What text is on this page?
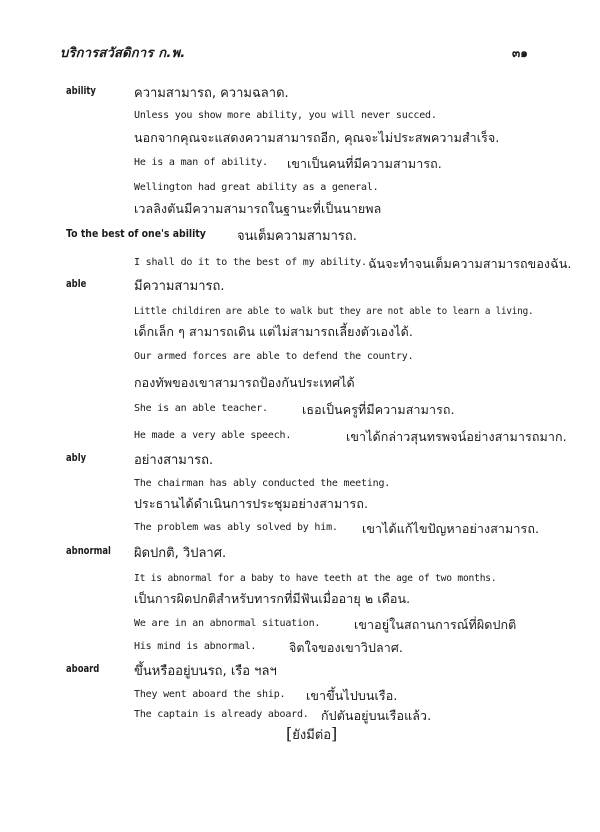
บริการสวัสดิการ ก.พ.	๓๑
ability	ความสามารถ, ความฉลาด.
Unless you show more ability, you will never succed.
นอกจากคุณจะแสดงความสามารถอีก, คุณจะไม่ประสพความสำเร็จ.
He is a man of ability. เขาเป็นคนที่มีความสามารถ.
Wellington had great ability as a general.
เวลลิงตันมีความสามารถในฐานะที่เป็นนายพล
To the best of one's ability จนเต็มความสามารถ.
I shall do it to the best of my ability. ฉันจะทำจนเต็มความสามารถของฉัน.
able	มีความสามารถ.
Little childiren are able to walk but they are not able to learn a living.
เด็กเล็ก ๆ สามารถเดิน แต่ไม่สามารถเลี้ยงตัวเองได้.
Our armed forces are able to defend the country.
กองทัพของเขาสามารถป้องกันประเทศได้
She is an able teacher.	เธอเป็นครูที่มีความสามารถ.
He made a very able speech.	เขาได้กล่าวสุนทรพจน์อย่างสามารถมาก.
ably	อย่างสามารถ.
The chairman has ably conducted the meeting.
ประธานได้ดำเนินการประชุมอย่างสามารถ.
The problem was ably solved by him. เขาได้แก้ไขปัญหาอย่างสามารถ.
abnormal ผิดปกติ, วิปลาศ.
It is abnormal for a baby to have teeth at the age of two months.
เป็นการผิดปกติสำหรับทารกที่มีฟันเมื่ออายุ ๒ เดือน.
We are in an abnormal situation.	เขาอยู่ในสถานการณ์ที่ผิดปกติ
His mind is abnormal.	จิตใจของเขาวิปลาศ.
aboard	ขึ้นหรืออยู่บนรถ, เรือ ฯลฯ
They went aboard the ship. เขาขึ้นไปบนเรือ.
The captain is already aboard. กัปตันอยู่บนเรือแล้ว.
[ยังมีต่อ]
